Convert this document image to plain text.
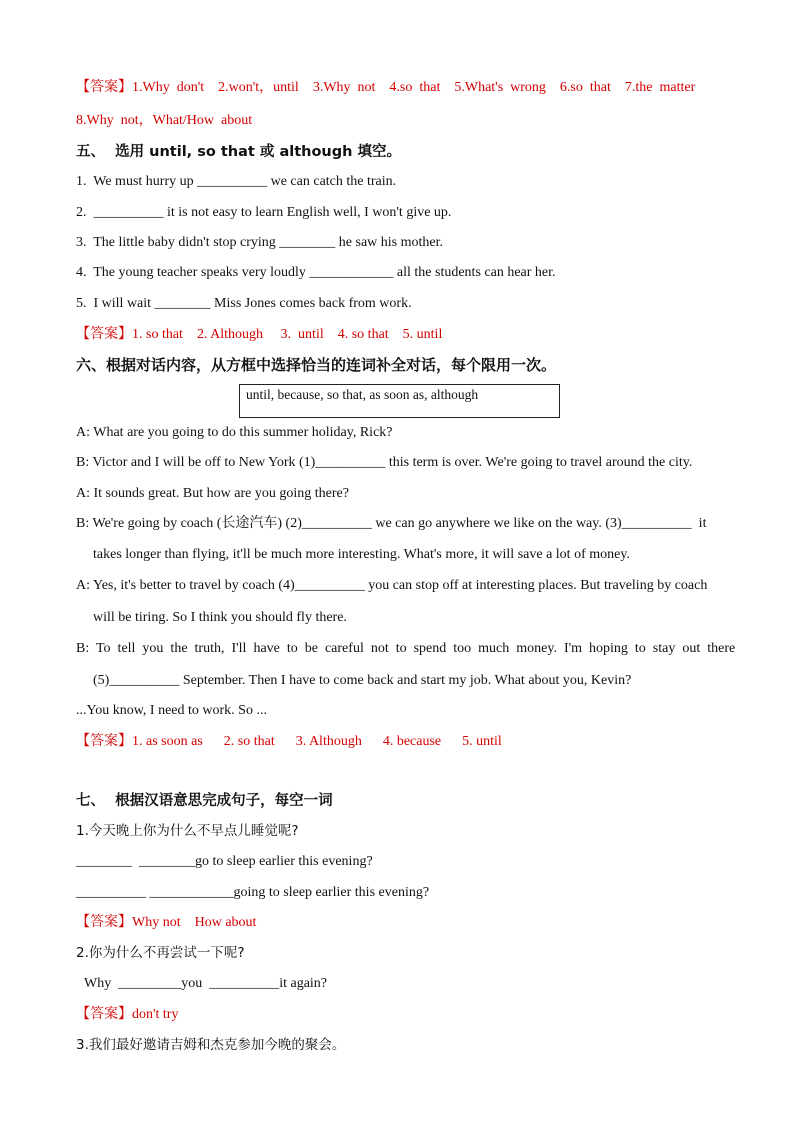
【答案】1.Why  don't    2.won't，until    3.Why  not    4.so  that    5.What's  wrong    6.so  that    7.the  matter
8.Why  not，What/How  about
五、 选用 until, so that 或 although 填空。
1.  We must hurry up __________ we can catch the train.
2.  __________ it is not easy to learn English well, I won't give up.
3.  The little baby didn't stop crying ________ he saw his mother.
4.  The young teacher speaks very loudly ____________ all the students can hear her.
5.  I will wait ________ Miss Jones comes back from work.
【答案】1. so that    2. Although     3.  until    4. so that    5. until
六、根据对话内容，从方框中选择恰当的连词补全对话，每个限用一次。
until, because, so that, as soon as, although
A: What are you going to do this summer holiday, Rick?
B: Victor and I will be off to New York (1)__________ this term is over. We're going to travel around the city.
A: It sounds great. But how are you going there?
B: We're going by coach (长途汽车) (2)__________ we can go anywhere we like on the way. (3)__________  it
takes longer than flying, it'll be much more interesting. What's more, it will save a lot of money.
A: Yes, it's better to travel by coach (4)__________ you can stop off at interesting places. But traveling by coach
will be tiring. So I think you should fly there.
B:  To  tell  you  the  truth,  I'll  have  to  be  careful  not  to  spend  too  much  money.  I'm  hoping  to  stay  out  there
(5)__________ September. Then I have to come back and start my job. What about you, Kevin?
...You know, I need to work. So ...
【答案】1. as soon as      2. so that      3. Although      4. because      5. until
七、 根据汉语意思完成句子，每空一词
1.今天晚上你为什么不早点儿睡觉呢?
________  ________go to sleep earlier this evening?
__________ ____________going to sleep earlier this evening?
【答案】Why not    How about
2.你为什么不再尝试一下呢?
Why  _________you  __________it again?
【答案】don't try
3.我们最好邀请吉姆和杰克参加今晚的聚会。
